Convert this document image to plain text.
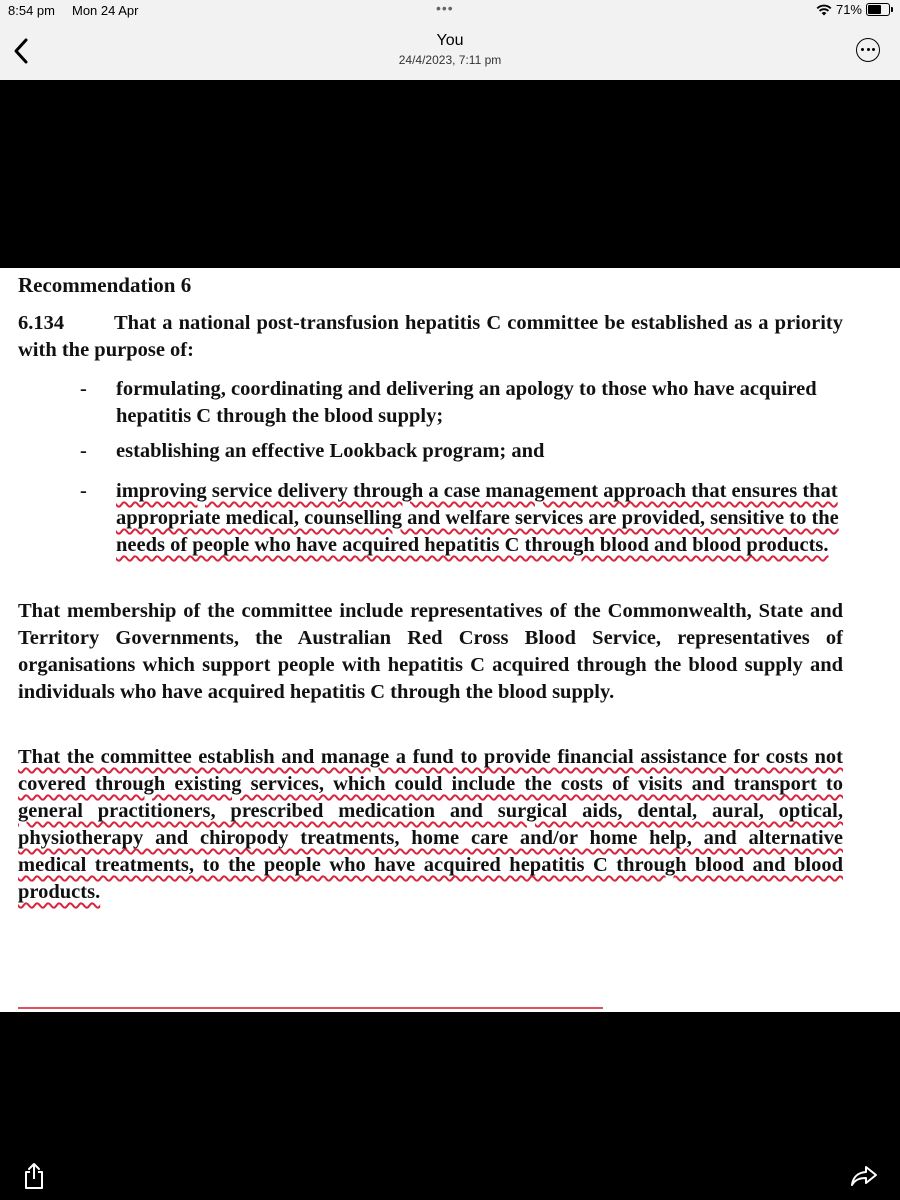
8:54 pm Mon 24 Apr	•••	71%
You
24/4/2023, 7:11 pm

Recommendation 6

6.134 That a national post-transfusion hepatitis C committee be established as a priority with the purpose of:

- formulating, coordinating and delivering an apology to those who have acquired hepatitis C through the blood supply;
- establishing an effective Lookback program; and
- improving service delivery through a case management approach that ensures that appropriate medical, counselling and welfare services are provided, sensitive to the needs of people who have acquired hepatitis C through blood and blood products.

That membership of the committee include representatives of the Commonwealth, State and Territory Governments, the Australian Red Cross Blood Service, representatives of organisations which support people with hepatitis C acquired through the blood supply and individuals who have acquired hepatitis C through the blood supply.

That the committee establish and manage a fund to provide financial assistance for costs not covered through existing services, which could include the costs of visits and transport to general practitioners, prescribed medication and surgical aids, dental, aural, optical, physiotherapy and chiropody treatments, home care and/or home help, and alternative medical treatments, to the people who have acquired hepatitis C through blood and blood products.
